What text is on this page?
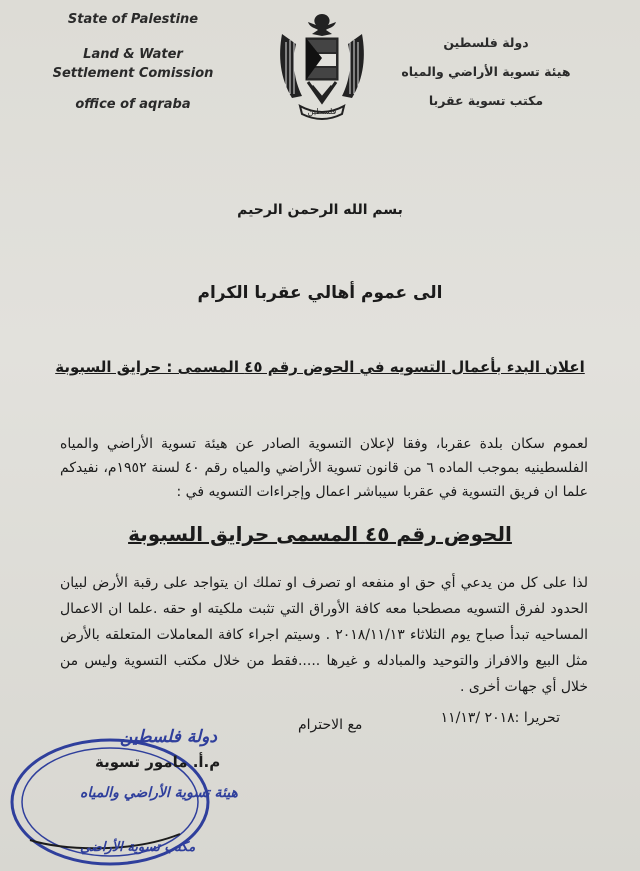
State of Palestine
Land & Water
Settlement Comission
office of aqraba	فلسطين
دولة فلسطين
هيئة تسوية الأراضي والمياه
مكتب تسوية عقربا
بسم الله الرحمن الرحيم
الى عموم أهالي عقربا الكرام
اعلان البدء بأعمال التسويه في الحوض رقم ٤٥ المسمى : حرايق السبوبة
لعموم سكان بلدة عقربا، وفقا لإعلان التسوية الصادر عن هيئة تسوية الأراضي والمياه الفلسطينيه بموجب الماده ٦ من قانون تسوية الأراضي والمياه رقم ٤٠ لسنة ١٩٥٢م، نفيدكم علما ان فريق التسوية في عقربا سيباشر اعمال وإجراءات التسويه في :
الحوض رقم ٤٥ المسمى حرايق السبوبة
لذا على كل من يدعي أي حق او منفعه او تصرف او تملك ان يتواجد على رقبة الأرض لبيان الحدود لفرق التسويه مصطحبا معه كافة الأوراق التي تثبت ملكيته او حقه .علما ان الاعمال المساحيه تبدأ صباح يوم الثلاثاء ٢٠١٨/١١/١٣ . وسيتم اجراء كافة المعاملات المتعلقه بالأرض مثل البيع والافراز والتوحيد والمبادله و غيرها .....فقط من خلال مكتب التسوية وليس من خلال أي جهات أخرى .
تحريرا :٢٠١٨ /١١/١٣
مع الاحترام
دولة فلسطين
م.أ. مامور تسوية
هيئة تسوية الأراضي والمياه
مكتب تسوية الأراضي
